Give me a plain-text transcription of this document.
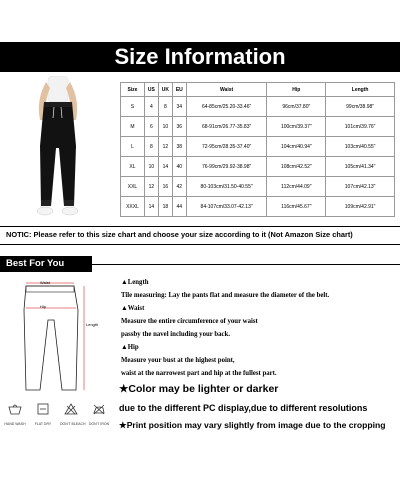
Size Information
Size	US	UK	EU	Waist	Hip	Length
S	4	8	34	64-85cm/25.20-33.46"	96cm/37.80"	99cm/38.98"
M	6	10	36	68-91cm/26.77-35.83"	100cm/39.37"	101cm/39.76"
L	8	12	38	72-95cm/28.35-37.40"	104cm/40.94"	103cm/40.55"
XL	10	14	40	76-99cm/29.92-38.98"	108cm/42.52"	105cm/41.34"
XXL	12	16	42	80-103cm/31.50-40.55"	112cm/44.09"	107cm/42.13"
XXXL	14	18	44	84-107cm/33.07-42.13"	116cm/45.67"	109cm/42.91"
NOTIC: Please refer to this size chart and choose your size according to it (Not Amazon Size chart)
Best For You
Waist
Hip
Length
HAND WASH	FLAT DRY	DON'T BLEACH DON'T IRON
▲Length
Tile measuring: Lay the pants flat and measure the diameter of the belt.
▲Waist
Measure the entire circumference of your waist
passby the navel including your back.
▲Hip
Measure your bust at the highest point,
waist at the narrowest part and hip at the fullest part.
★Color may be lighter or darker
due to the different PC display,due to different resolutions
★Print position may vary slightly from image due to the cropping
